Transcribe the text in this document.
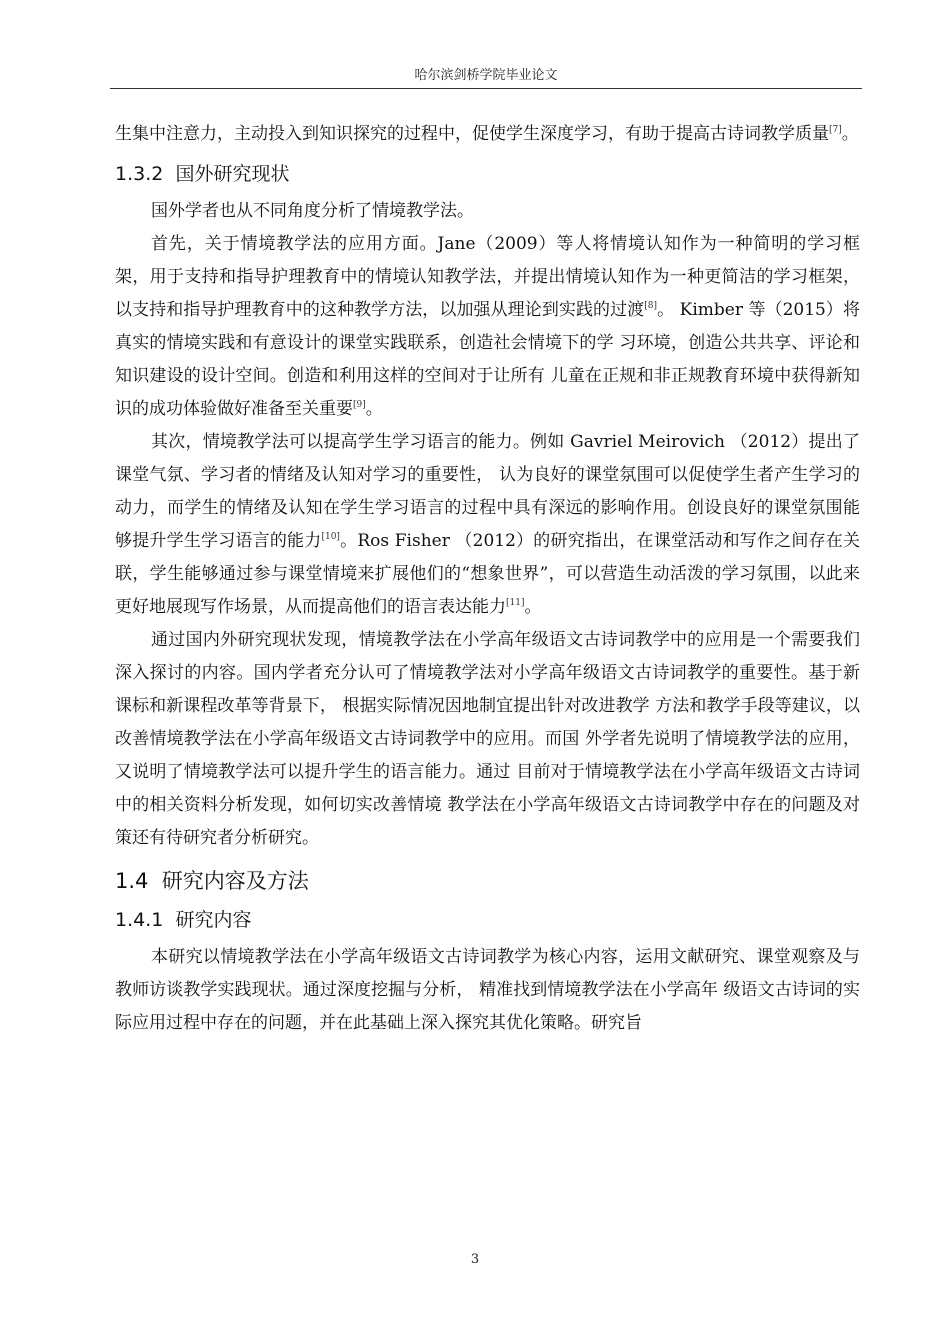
哈尔滨剑桥学院毕业论文

生集中注意力，主动投入到知识探究的过程中，促使学生深度学习，有助于提高古诗词教学质量[7]。

1.3.2 国外研究现状

国外学者也从不同角度分析了情境教学法。

首先，关于情境教学法的应用方面。Jane（2009）等人将情境认知作为一种简明的学习框架，用于支持和指导护理教育中的情境认知教学法，并提出情境认知作为一种更简洁的学习框架，以支持和指导护理教育中的这种教学方法，以加强从理论到实践的过渡[8]。 Kimber 等（2015）将真实的情境实践和有意设计的课堂实践联系，创造社会情境下的学 习环境，创造公共共享、评论和知识建设的设计空间。创造和利用这样的空间对于让所有 儿童在正规和非正规教育环境中获得新知识的成功体验做好准备至关重要[9]。

其次，情境教学法可以提高学生学习语言的能力。例如 Gavriel Meirovich （2012）提出了课堂气氛、学习者的情绪及认知对学习的重要性， 认为良好的课堂氛围可以促使学生者产生学习的动力，而学生的情绪及认知在学生学习语言的过程中具有深远的影响作用。创设良好的课堂氛围能够提升学生学习语言的能力[10]。Ros Fisher （2012）的研究指出，在课堂活动和写作之间存在关联，学生能够通过参与课堂情境来扩展他们的“想象世界”，可以营造生动活泼的学习氛围，以此来更好地展现写作场景，从而提高他们的语言表达能力[11]。

通过国内外研究现状发现，情境教学法在小学高年级语文古诗词教学中的应用是一个需要我们深入探讨的内容。国内学者充分认可了情境教学法对小学高年级语文古诗词教学的重要性。基于新课标和新课程改革等背景下， 根据实际情况因地制宜提出针对改进教学 方法和教学手段等建议，以改善情境教学法在小学高年级语文古诗词教学中的应用。而国 外学者先说明了情境教学法的应用，又说明了情境教学法可以提升学生的语言能力。通过 目前对于情境教学法在小学高年级语文古诗词中的相关资料分析发现，如何切实改善情境 教学法在小学高年级语文古诗词教学中存在的问题及对策还有待研究者分析研究。

1.4 研究内容及方法
1.4.1 研究内容

本研究以情境教学法在小学高年级语文古诗词教学为核心内容，运用文献研究、课堂观察及与教师访谈教学实践现状。通过深度挖掘与分析， 精准找到情境教学法在小学高年 级语文古诗词的实际应用过程中存在的问题，并在此基础上深入探究其优化策略。研究旨

3
